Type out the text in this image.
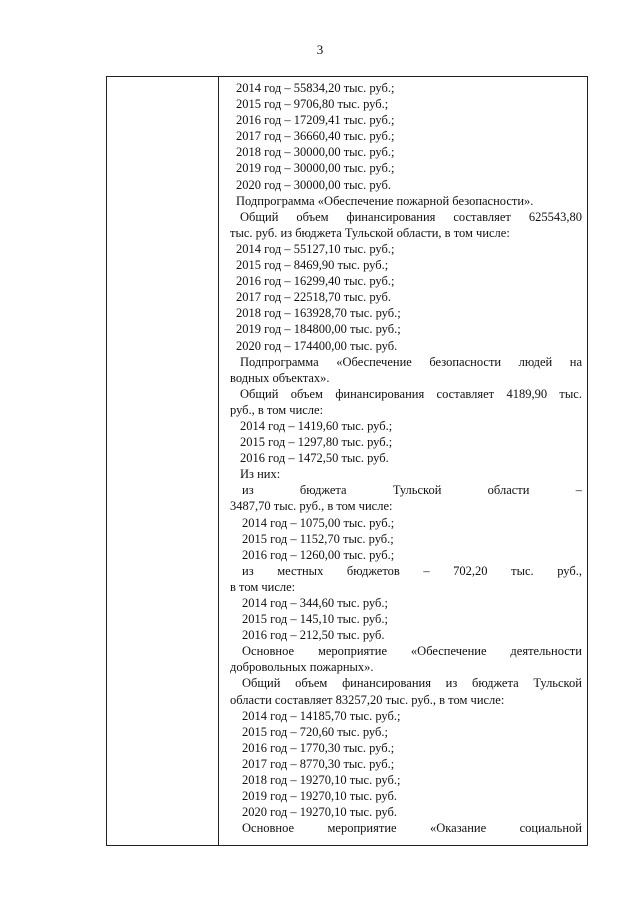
3
2014 год – 55834,20 тыс. руб.;
2015 год – 9706,80 тыс. руб.;
2016 год – 17209,41 тыс. руб.;
2017 год – 36660,40 тыс. руб.;
2018 год – 30000,00 тыс. руб.;
2019 год – 30000,00 тыс. руб.;
2020 год – 30000,00 тыс. руб.
Подпрограмма «Обеспечение пожарной безопасности».
Общий объем финансирования составляет 625543,80
тыс. руб. из бюджета Тульской области, в том числе:
2014 год – 55127,10 тыс. руб.;
2015 год – 8469,90 тыс. руб.;
2016 год – 16299,40 тыс. руб.;
2017 год – 22518,70 тыс. руб.
2018 год – 163928,70 тыс. руб.;
2019 год – 184800,00 тыс. руб.;
2020 год – 174400,00 тыс. руб.
Подпрограмма «Обеспечение безопасности людей на
водных объектах».
Общий объем финансирования составляет 4189,90 тыс.
руб., в том числе:
2014 год – 1419,60 тыс. руб.;
2015 год – 1297,80 тыс. руб.;
2016 год – 1472,50 тыс. руб.
Из них:
из	бюджета	Тульской	области	–
3487,70 тыс. руб., в том числе:
2014 год – 1075,00 тыс. руб.;
2015 год – 1152,70 тыс. руб.;
2016 год – 1260,00 тыс. руб.;
из местных бюджетов – 702,20 тыс. руб.,
в том числе:
2014 год – 344,60 тыс. руб.;
2015 год – 145,10 тыс. руб.;
2016 год – 212,50 тыс. руб.
Основное мероприятие «Обеспечение деятельности
добровольных пожарных».
Общий объем финансирования из бюджета Тульской
области составляет 83257,20 тыс. руб., в том числе:
2014 год – 14185,70 тыс. руб.;
2015 год – 720,60 тыс. руб.;
2016 год – 1770,30 тыс. руб.;
2017 год – 8770,30 тыс. руб.;
2018 год – 19270,10 тыс. руб.;
2019 год – 19270,10 тыс. руб.
2020 год – 19270,10 тыс. руб.
Основное	мероприятие	«Оказание	социальной
